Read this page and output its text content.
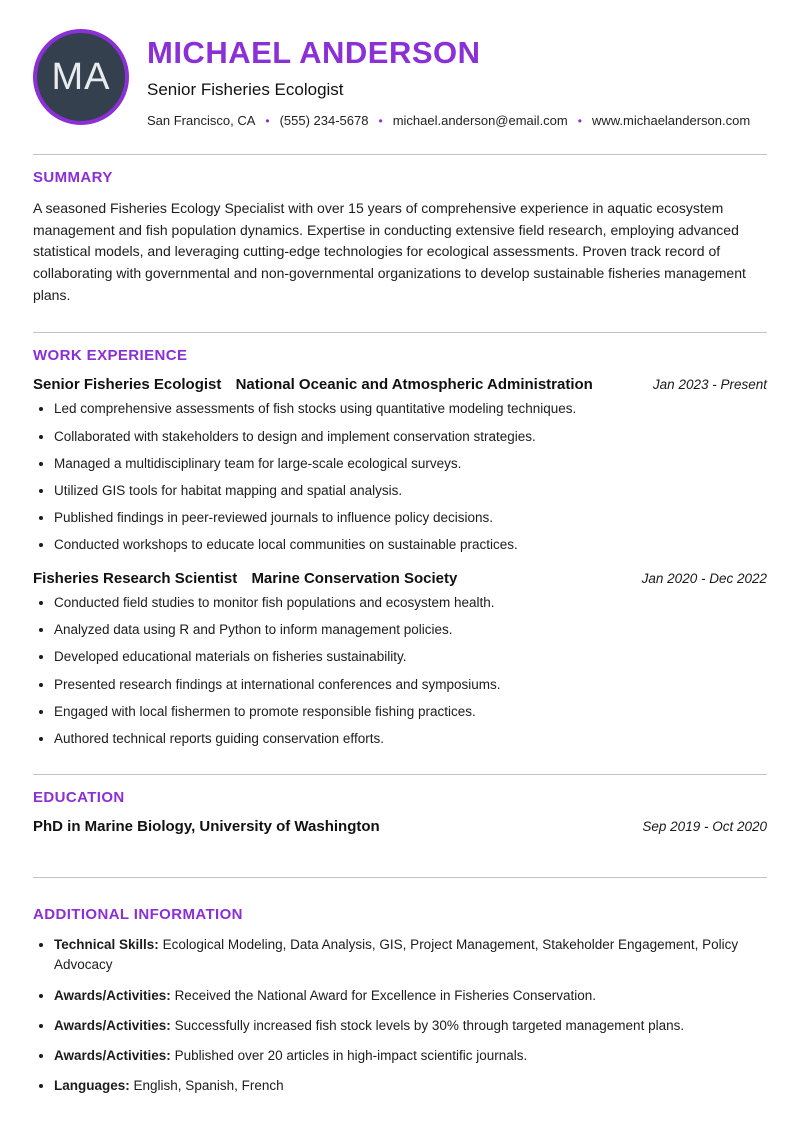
MA
MICHAEL ANDERSON
Senior Fisheries Ecologist
San Francisco, CA • (555) 234-5678 • michael.anderson@email.com • www.michaelanderson.com
SUMMARY

A seasoned Fisheries Ecology Specialist with over 15 years of comprehensive experience in aquatic ecosystem management and fish population dynamics. Expertise in conducting extensive field research, employing advanced statistical models, and leveraging cutting-edge technologies for ecological assessments. Proven track record of collaborating with governmental and non-governmental organizations to develop sustainable fisheries management plans.

WORK EXPERIENCE
Senior Fisheries Ecologist National Oceanic and Atmospheric Administration	Jan 2023 - Present
• Led comprehensive assessments of fish stocks using quantitative modeling techniques.
• Collaborated with stakeholders to design and implement conservation strategies.
• Managed a multidisciplinary team for large-scale ecological surveys.
• Utilized GIS tools for habitat mapping and spatial analysis.
• Published findings in peer-reviewed journals to influence policy decisions.
• Conducted workshops to educate local communities on sustainable practices.
Fisheries Research Scientist Marine Conservation Society	Jan 2020 - Dec 2022
• Conducted field studies to monitor fish populations and ecosystem health.
• Analyzed data using R and Python to inform management policies.
• Developed educational materials on fisheries sustainability.
• Presented research findings at international conferences and symposiums.
• Engaged with local fishermen to promote responsible fishing practices.
• Authored technical reports guiding conservation efforts.
EDUCATION
PhD in Marine Biology, University of Washington	Sep 2019 - Oct 2020
ADDITIONAL INFORMATION
• Technical Skills: Ecological Modeling, Data Analysis, GIS, Project Management, Stakeholder Engagement, Policy Advocacy
• Awards/Activities: Received the National Award for Excellence in Fisheries Conservation.
• Awards/Activities: Successfully increased fish stock levels by 30% through targeted management plans.
• Awards/Activities: Published over 20 articles in high-impact scientific journals.
• Languages: English, Spanish, French
